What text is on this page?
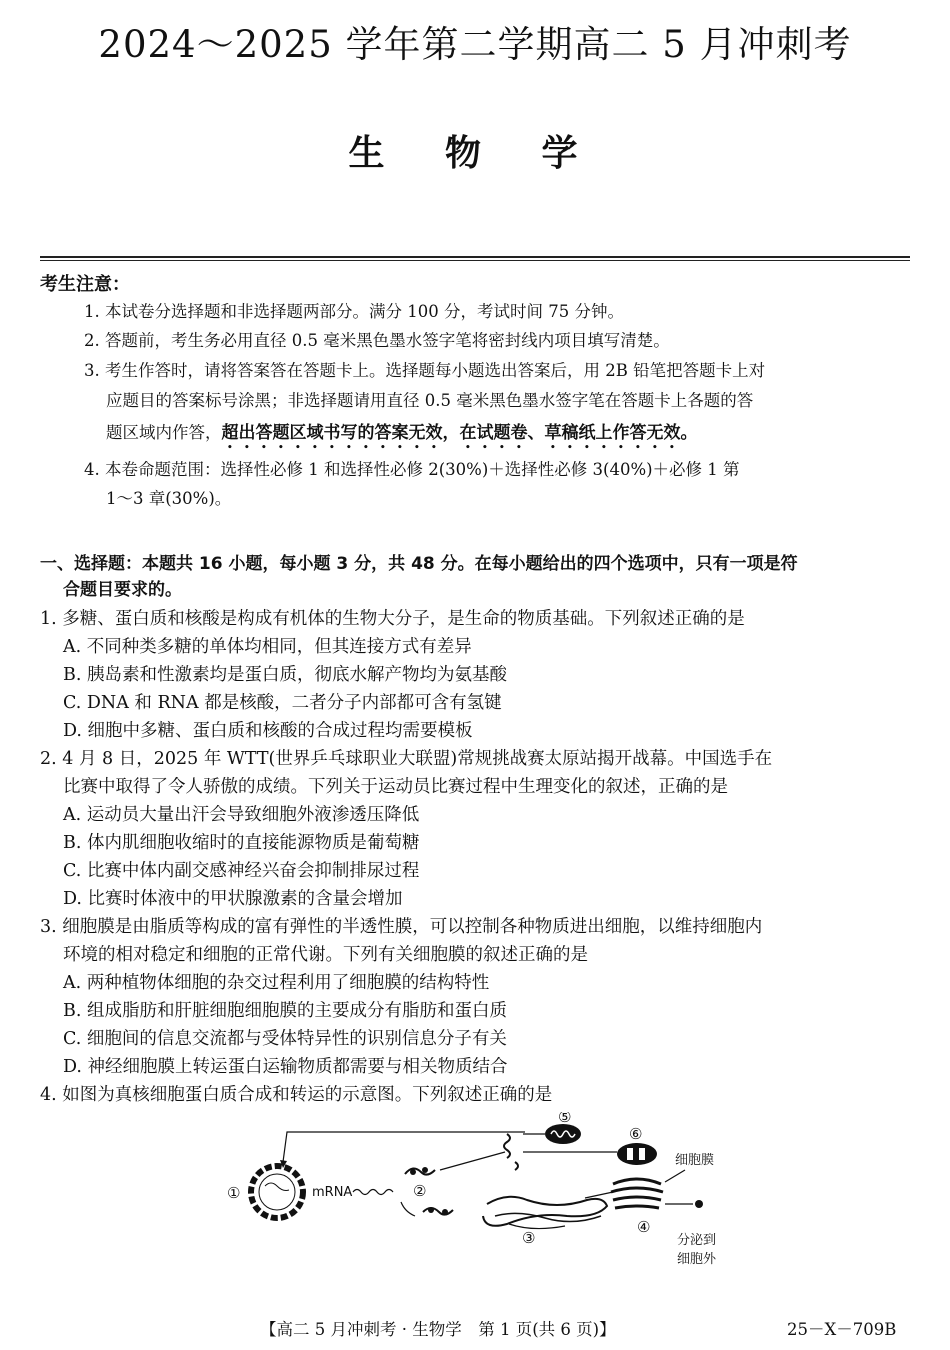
2024～2025 学年第二学期高二 5 月冲刺考
生 物 学
考生注意：
1. 本试卷分选择题和非选择题两部分。满分 100 分，考试时间 75 分钟。
2. 答题前，考生务必用直径 0.5 毫米黑色墨水签字笔将密封线内项目填写清楚。
3. 考生作答时，请将答案答在答题卡上。选择题每小题选出答案后，用 2B 铅笔把答题卡上对
应题目的答案标号涂黑；非选择题请用直径 0.5 毫米黑色墨水签字笔在答题卡上各题的答
题区域内作答，超出答题区域书写的答案无效，在试题卷、草稿纸上作答无效。
4. 本卷命题范围：选择性必修 1 和选择性必修 2(30%)＋选择性必修 3(40%)＋必修 1 第
1～3 章(30%)。
一、选择题：本题共 16 小题，每小题 3 分，共 48 分。在每小题给出的四个选项中，只有一项是符
合题目要求的。
1. 多糖、蛋白质和核酸是构成有机体的生物大分子，是生命的物质基础。下列叙述正确的是
A. 不同种类多糖的单体均相同，但其连接方式有差异
B. 胰岛素和性激素均是蛋白质，彻底水解产物均为氨基酸
C. DNA 和 RNA 都是核酸，二者分子内部都可含有氢键
D. 细胞中多糖、蛋白质和核酸的合成过程均需要模板
2. 4 月 8 日，2025 年 WTT(世界乒乓球职业大联盟)常规挑战赛太原站揭开战幕。中国选手在
比赛中取得了令人骄傲的成绩。下列关于运动员比赛过程中生理变化的叙述，正确的是
A. 运动员大量出汗会导致细胞外液渗透压降低
B. 体内肌细胞收缩时的直接能源物质是葡萄糖
C. 比赛中体内副交感神经兴奋会抑制排尿过程
D. 比赛时体液中的甲状腺激素的含量会增加
3. 细胞膜是由脂质等构成的富有弹性的半透性膜，可以控制各种物质进出细胞，以维持细胞内
环境的相对稳定和细胞的正常代谢。下列有关细胞膜的叙述正确的是
A. 两种植物体细胞的杂交过程利用了细胞膜的结构特性
B. 组成脂肪和肝脏细胞细胞膜的主要成分有脂肪和蛋白质
C. 细胞间的信息交流都与受体特异性的识别信息分子有关
D. 神经细胞膜上转运蛋白运输物质都需要与相关物质结合
4. 如图为真核细胞蛋白质合成和转运的示意图。下列叙述正确的是
①	mRNA	②
③
⑤
⑥
④
细胞膜
分泌到
细胞外
【高二 5 月冲刺考 · 生物学　第 1 页(共 6 页)】	25－X－709B
